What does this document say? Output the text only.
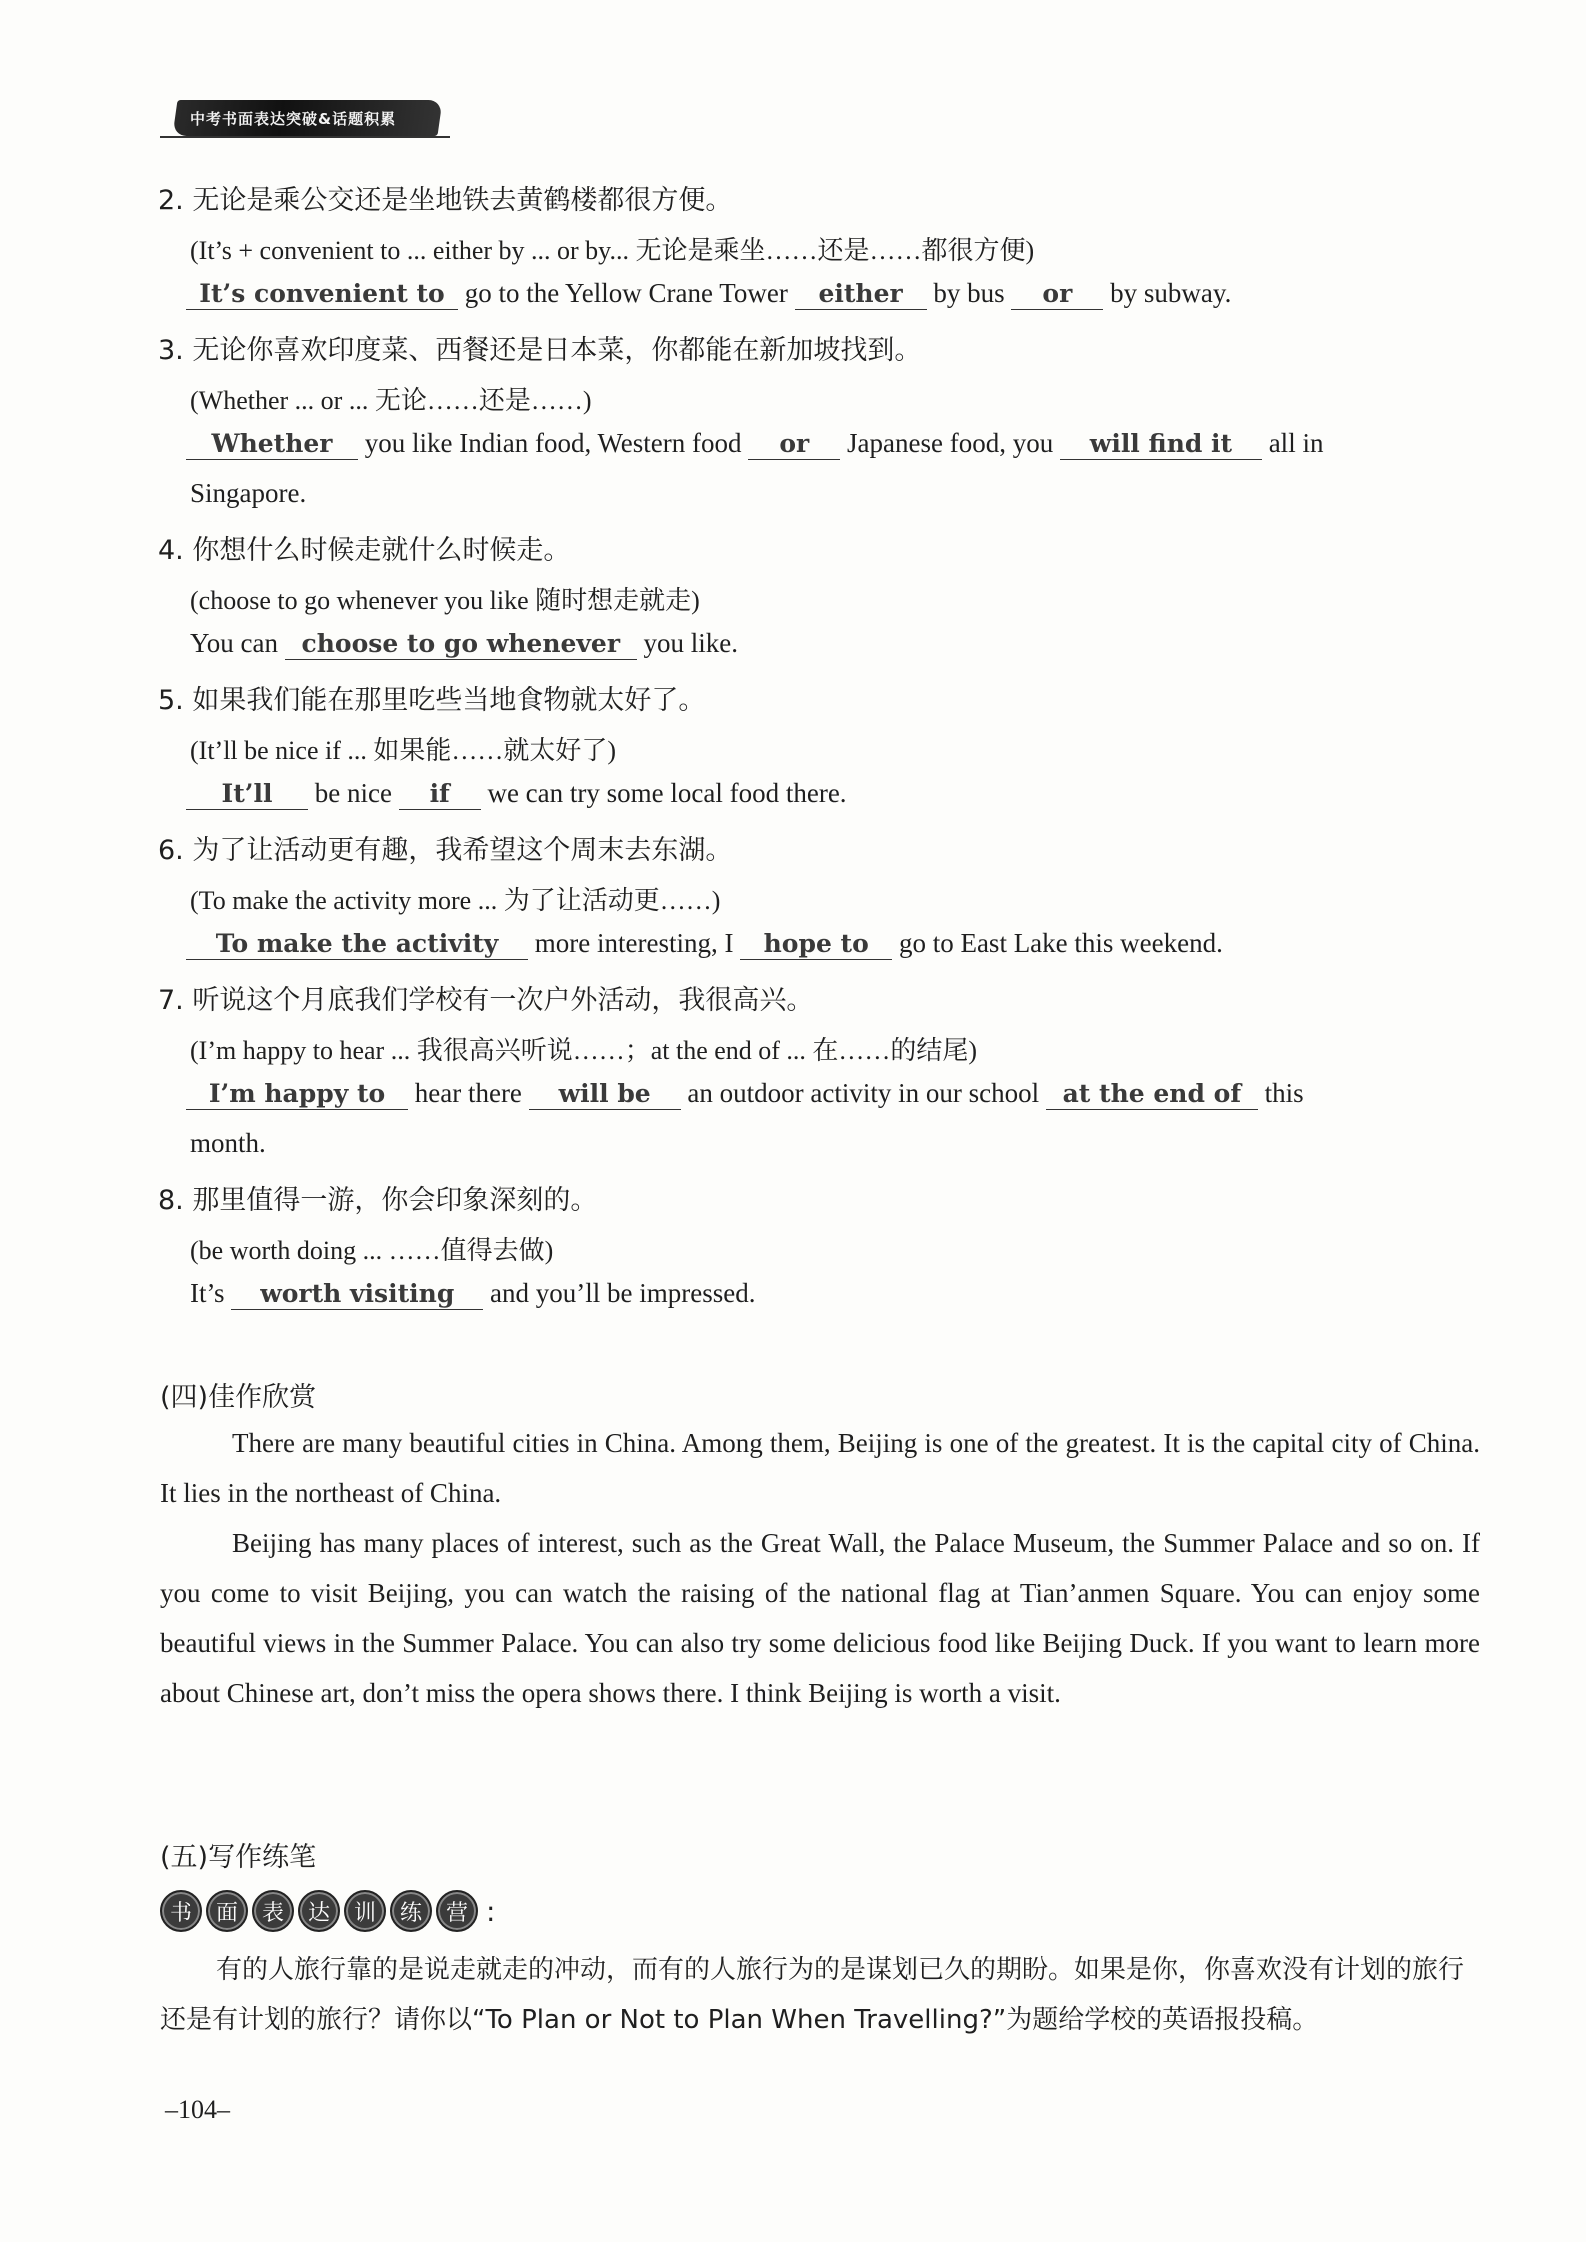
中考书面表达突破&话题积累
2. 无论是乘公交还是坐地铁去黄鹤楼都很方便。
(It’s + convenient to ... either by ... or by... 无论是乘坐……还是……都很方便)
It’s convenient to go to the Yellow Crane Tower either by bus or by subway.
3. 无论你喜欢印度菜、西餐还是日本菜，你都能在新加坡找到。
(Whether ... or ... 无论……还是……)
Whether you like Indian food, Western food or Japanese food, you will find it all in
Singapore.
4. 你想什么时候走就什么时候走。
(choose to go whenever you like 随时想走就走)
You can choose to go whenever you like.
5. 如果我们能在那里吃些当地食物就太好了。
(It’ll be nice if ... 如果能……就太好了)
It’ll be nice if we can try some local food there.
6. 为了让活动更有趣，我希望这个周末去东湖。
(To make the activity more ... 为了让活动更……)
To make the activity more interesting, I hope to go to East Lake this weekend.
7. 听说这个月底我们学校有一次户外活动，我很高兴。
(I’m happy to hear ... 我很高兴听说……；at the end of ... 在……的结尾)
I’m happy to hear there will be an outdoor activity in our school at the end of this
month.
8. 那里值得一游，你会印象深刻的。
(be worth doing ... ……值得去做)
It’s worth visiting and you’ll be impressed.
(四)佳作欣赏
There are many beautiful cities in China. Among them, Beijing is one of the greatest. It is the capital city of China. It lies in the northeast of China.
Beijing has many places of interest, such as the Great Wall, the Palace Museum, the Summer Palace and so on. If you come to visit Beijing, you can watch the raising of the national flag at Tian’anmen Square. You can enjoy some beautiful views in the Summer Palace. You can also try some delicious food like Beijing Duck. If you want to learn more about Chinese art, don’t miss the opera shows there. I think Beijing is worth a visit.
(五)写作练笔
书	面	表	达	训	练	营 :
有的人旅行靠的是说走就走的冲动，而有的人旅行为的是谋划已久的期盼。如果是你，你喜欢没有计划的旅行还是有计划的旅行？请你以“To Plan or Not to Plan When Travelling?”为题给学校的英语报投稿。
–104–
